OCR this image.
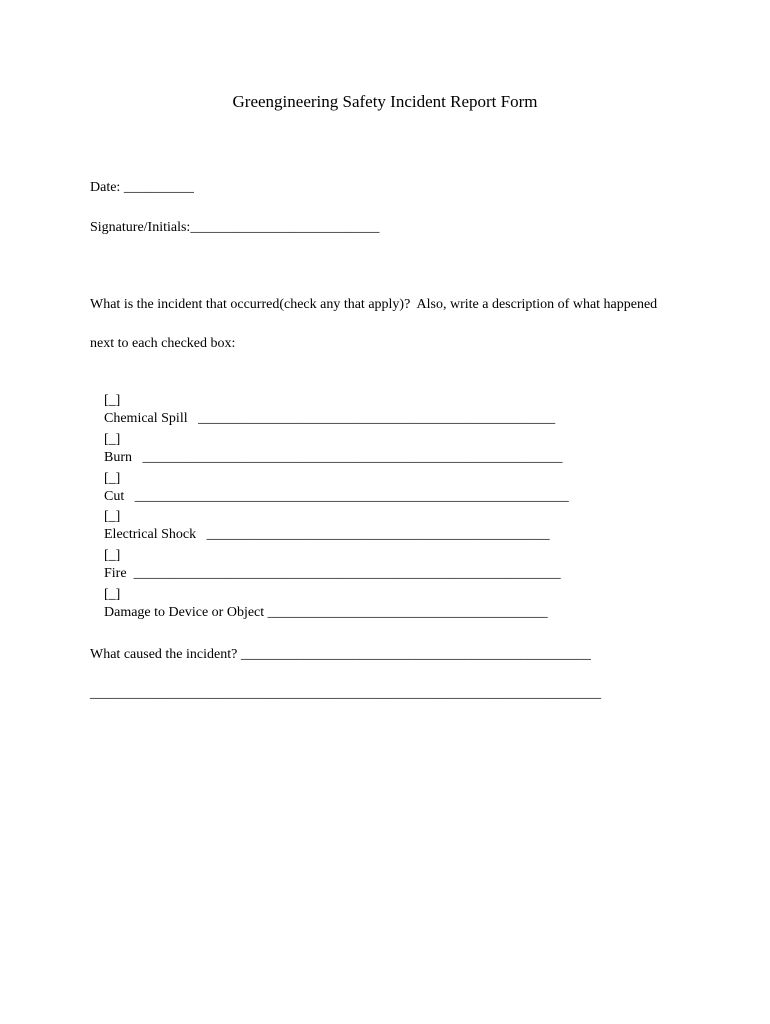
Greengineering Safety Incident Report Form
Date: __________
Signature/Initials:___________________________
What is the incident that occurred(check any that apply)?  Also, write a description of what happened
next to each checked box:

[_]
Chemical Spill   ___________________________________________________

[_]
Burn   ____________________________________________________________

[_]
Cut   ______________________________________________________________

[_]
Electrical Shock   _________________________________________________

[_]
Fire  _____________________________________________________________

[_]
Damage to Device or Object ________________________________________

What caused the incident? __________________________________________________
_________________________________________________________________________
